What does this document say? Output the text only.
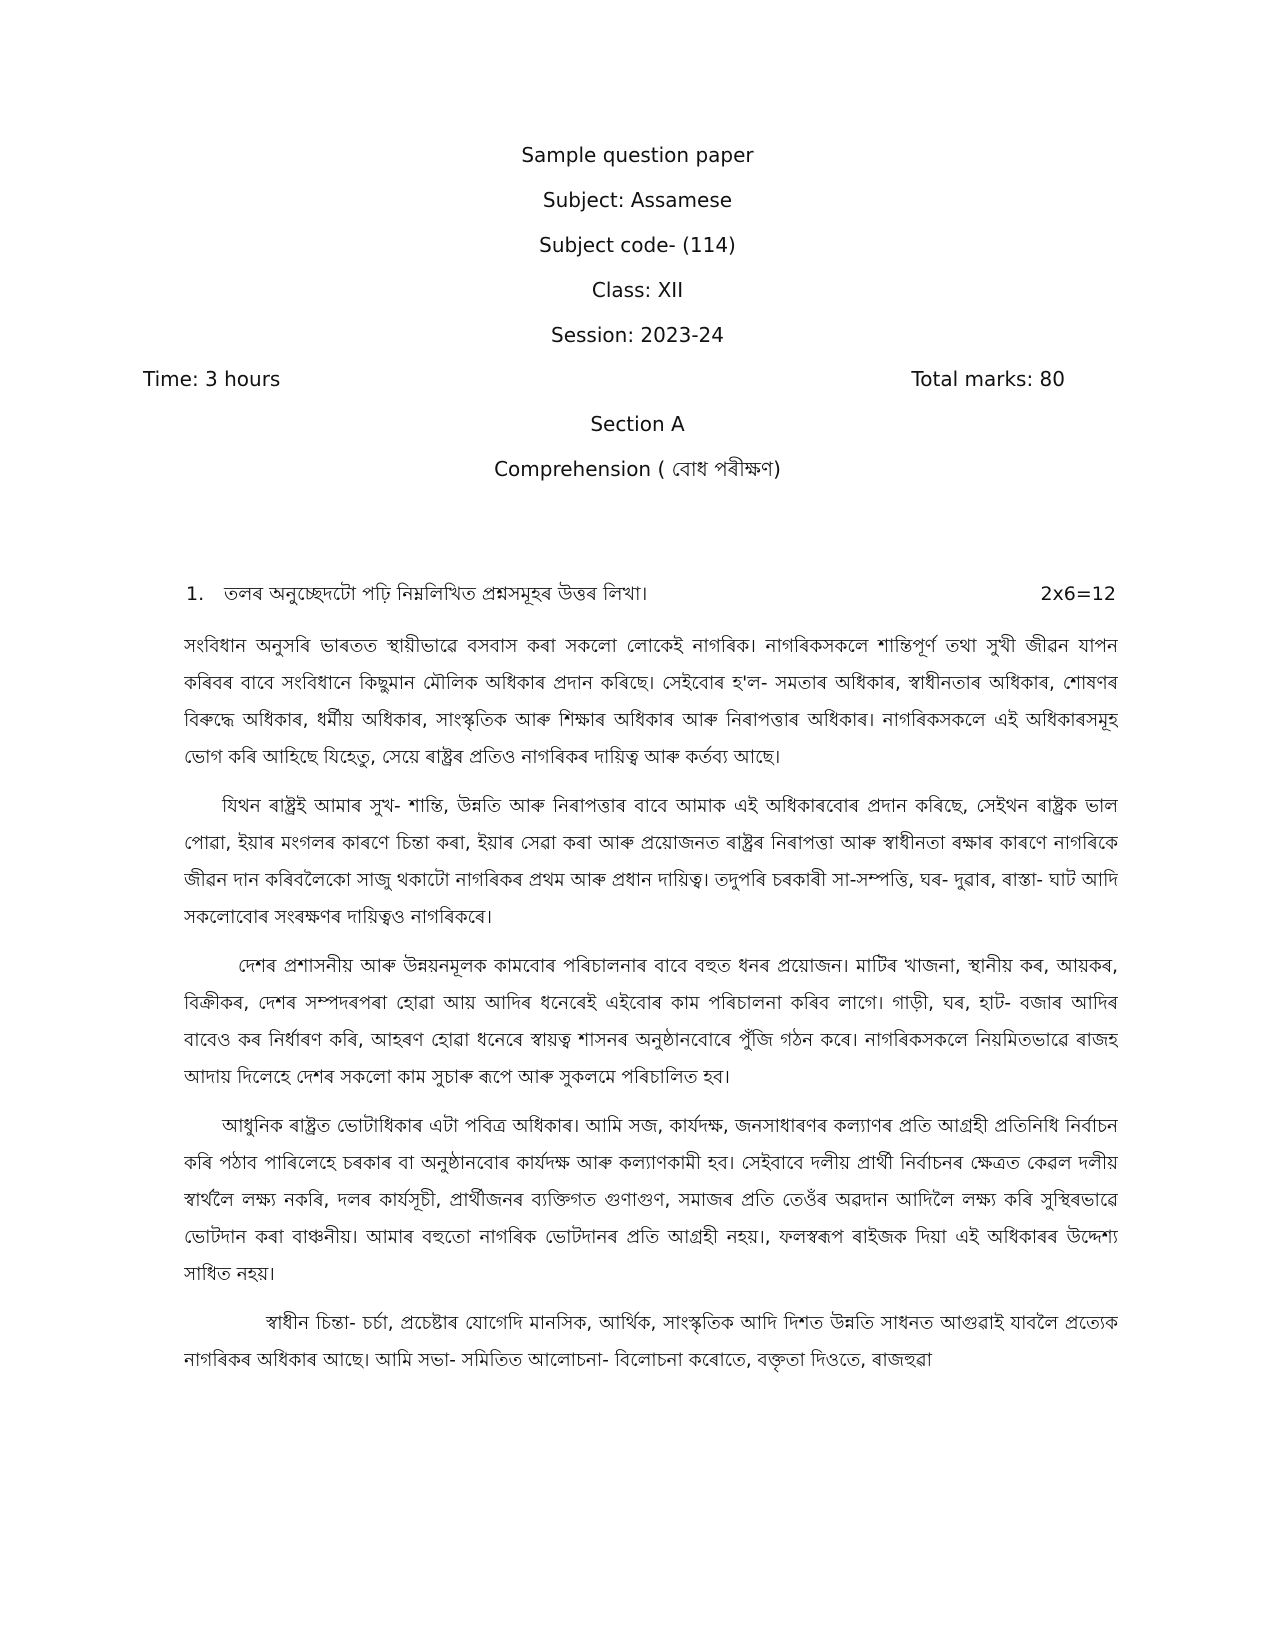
Sample question paper
Subject: Assamese
Subject code- (114)
Class: XII
Session: 2023-24
Time: 3 hours	Total marks: 80
Section A
Comprehension ( বোধ পৰীক্ষণ)
1. তলৰ অনুচ্ছেদটো পঢ়ি নিম্নলিখিত প্ৰশ্নসমূহৰ উত্তৰ লিখা।	2x6=12

সংবিধান অনুসৰি ভাৰতত স্থায়ীভাৱে বসবাস কৰা সকলো লোকেই নাগৰিক। নাগৰিকসকলে শান্তিপূৰ্ণ তথা সুখী জীৱন যাপন কৰিবৰ বাবে সংবিধানে কিছুমান মৌলিক অধিকাৰ প্ৰদান কৰিছে। সেইবোৰ হ'ল- সমতাৰ অধিকাৰ, স্বাধীনতাৰ অধিকাৰ, শোষণৰ বিৰুদ্ধে অধিকাৰ, ধৰ্মীয় অধিকাৰ, সাংস্কৃতিক আৰু শিক্ষাৰ অধিকাৰ আৰু নিৰাপত্তাৰ অধিকাৰ। নাগৰিকসকলে এই অধিকাৰসমূহ ভোগ কৰি আহিছে যিহেতু, সেয়ে ৰাষ্ট্ৰৰ প্ৰতিও নাগৰিকৰ দায়িত্ব আৰু কৰ্তব্য আছে।

যিথন ৰাষ্ট্ৰই আমাৰ সুখ- শান্তি, উন্নতি আৰু নিৰাপত্তাৰ বাবে আমাক এই অধিকাৰবোৰ প্ৰদান কৰিছে, সেইথন ৰাষ্ট্ৰক ভাল পোৱা, ইয়াৰ মংগলৰ কাৰণে চিন্তা কৰা, ইয়াৰ সেৱা কৰা আৰু প্ৰয়োজনত ৰাষ্ট্ৰৰ নিৰাপত্তা আৰু স্বাধীনতা ৰক্ষাৰ কাৰণে নাগৰিকে জীৱন দান কৰিবলৈকো সাজু থকাটো নাগৰিকৰ প্ৰথম আৰু প্ৰধান দায়িত্ব। তদুপৰি চৰকাৰী সা-সম্পত্তি, ঘৰ- দুৱাৰ, ৰাস্তা- ঘাট আদি সকলোবোৰ সংৰক্ষণৰ দায়িত্বও নাগৰিকৰে।

দেশৰ প্ৰশাসনীয় আৰু উন্নয়নমূলক কামবোৰ পৰিচালনাৰ বাবে বহুত ধনৰ প্ৰয়োজন। মাটিৰ খাজনা, স্থানীয় কৰ, আয়কৰ, বিক্ৰীকৰ, দেশৰ সম্পদৰপৰা হোৱা আয় আদিৰ ধনেৰেই এইবোৰ কাম পৰিচালনা কৰিব লাগে। গাড়ী, ঘৰ, হাট- বজাৰ আদিৰ বাবেও কৰ নিৰ্ধাৰণ কৰি, আহৰণ হোৱা ধনেৰে স্বায়ত্ব শাসনৰ অনুষ্ঠানবোৰে পুঁজি গঠন কৰে। নাগৰিকসকলে নিয়মিতভাৱে ৰাজহ আদায় দিলেহে দেশৰ সকলো কাম সুচাৰু ৰূপে আৰু সুকলমে পৰিচালিত হব।

আধুনিক ৰাষ্ট্ৰত ভোটাধিকাৰ এটা পবিত্ৰ অধিকাৰ। আমি সজ, কাৰ্যদক্ষ, জনসাধাৰণৰ কল্যাণৰ প্ৰতি আগ্ৰহী প্ৰতিনিধি নিৰ্বাচন কৰি পঠাব পাৰিলেহে চৰকাৰ বা অনুষ্ঠানবোৰ কাৰ্যদক্ষ আৰু কল্যাণকামী হব। সেইবাবে দলীয় প্ৰাৰ্থী নিৰ্বাচনৰ ক্ষেত্ৰত কেৱল দলীয় স্বাৰ্থলৈ লক্ষ্য নকৰি, দলৰ কাৰ্যসূচী, প্ৰাৰ্থীজনৰ ব্যক্তিগত গুণাগুণ, সমাজৰ প্ৰতি তেওঁৰ অৱদান আদিলৈ লক্ষ্য কৰি সুস্থিৰভাৱে ভোটদান কৰা বাঞ্চনীয়। আমাৰ বহুতো নাগৰিক ভোটদানৰ প্ৰতি আগ্ৰহী নহয়।, ফলস্বৰূপ ৰাইজক দিয়া এই অধিকাৰৰ উদ্দেশ্য সাধিত নহয়।

স্বাধীন চিন্তা- চৰ্চা, প্ৰচেষ্টাৰ যোগেদি মানসিক, আৰ্থিক, সাংস্কৃতিক আদি দিশত উন্নতি সাধনত আগুৱাই যাবলৈ প্ৰত্যেক নাগৰিকৰ অধিকাৰ আছে। আমি সভা- সমিতিত আলোচনা- বিলোচনা কৰোতে, বক্তৃতা দিওতে, ৰাজহুৱা
